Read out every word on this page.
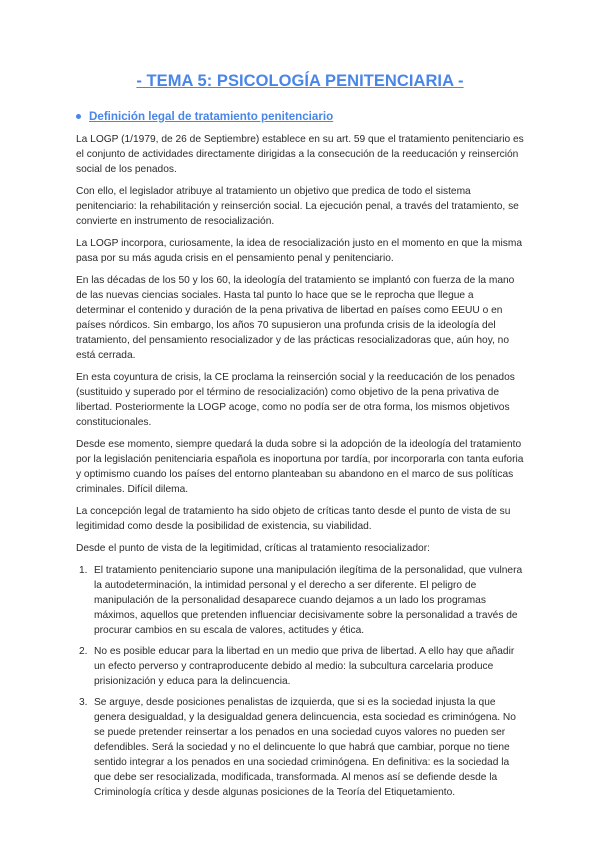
- TEMA 5: PSICOLOGÍA PENITENCIARIA -
Definición legal de tratamiento penitenciario

La LOGP (1/1979, de 26 de Septiembre) establece en su art. 59 que el tratamiento penitenciario es el conjunto de actividades directamente dirigidas a la consecución de la reeducación y reinserción social de los penados.

Con ello, el legislador atribuye al tratamiento un objetivo que predica de todo el sistema penitenciario: la rehabilitación y reinserción social. La ejecución penal, a través del tratamiento, se convierte en instrumento de resocialización.

La LOGP incorpora, curiosamente, la idea de resocialización justo en el momento en que la misma pasa por su más aguda crisis en el pensamiento penal y penitenciario.

En las décadas de los 50 y los 60, la ideología del tratamiento se implantó con fuerza de la mano de las nuevas ciencias sociales. Hasta tal punto lo hace que se le reprocha que llegue a determinar el contenido y duración de la pena privativa de libertad en países como EEUU o en países nórdicos. Sin embargo, los años 70 supusieron una profunda crisis de la ideología del tratamiento, del pensamiento resocializador y de las prácticas resocializadoras que, aún hoy, no está cerrada.

En esta coyuntura de crisis, la CE proclama la reinserción social y la reeducación de los penados (sustituido y superado por el término de resocialización) como objetivo de la pena privativa de libertad. Posteriormente la LOGP acoge, como no podía ser de otra forma, los mismos objetivos constitucionales.

Desde ese momento, siempre quedará la duda sobre si la adopción de la ideología del tratamiento por la legislación penitenciaria española es inoportuna por tardía, por incorporarla con tanta euforia y optimismo cuando los países del entorno planteaban su abandono en el marco de sus políticas criminales. Difícil dilema.

La concepción legal de tratamiento ha sido objeto de críticas tanto desde el punto de vista de su legitimidad como desde la posibilidad de existencia, su viabilidad.

Desde el punto de vista de la legitimidad, críticas al tratamiento resocializador:

1. El tratamiento penitenciario supone una manipulación ilegítima de la personalidad, que vulnera la autodeterminación, la intimidad personal y el derecho a ser diferente. El peligro de manipulación de la personalidad desaparece cuando dejamos a un lado los programas máximos, aquellos que pretenden influenciar decisivamente sobre la personalidad a través de procurar cambios en su escala de valores, actitudes y ética.
2. No es posible educar para la libertad en un medio que priva de libertad. A ello hay que añadir un efecto perverso y contraproducente debido al medio: la subcultura carcelaria produce prisionización y educa para la delincuencia.
3. Se arguye, desde posiciones penalistas de izquierda, que si es la sociedad injusta la que genera desigualdad, y la desigualdad genera delincuencia, esta sociedad es criminógena. No se puede pretender reinsertar a los penados en una sociedad cuyos valores no pueden ser defendibles. Será la sociedad y no el delincuente lo que habrá que cambiar, porque no tiene sentido integrar a los penados en una sociedad criminógena. En definitiva: es la sociedad la que debe ser resocializada, modificada, transformada. Al menos así se defiende desde la Criminología crítica y desde algunas posiciones de la Teoría del Etiquetamiento.
